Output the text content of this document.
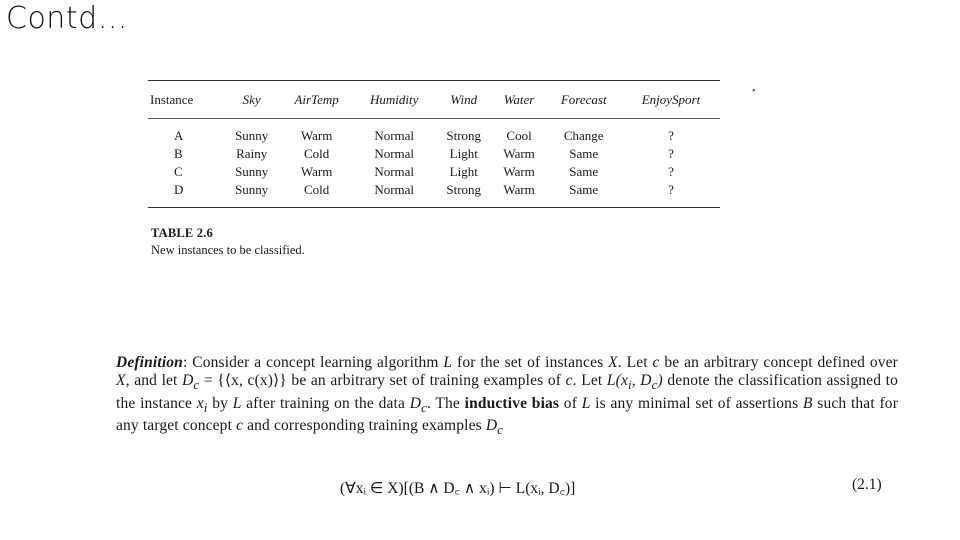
Contd…
•
Instance	Sky	AirTemp	Humidity	Wind	Water	Forecast	EnjoySport

A	Sunny	Warm	Normal	Strong	Cool	Change	?
B	Rainy	Cold	Normal	Light	Warm	Same	?
C	Sunny	Warm	Normal	Light	Warm	Same	?
D	Sunny	Cold	Normal	Strong	Warm	Same	?
TABLE 2.6
New instances to be classified.
Definition: Consider a concept learning algorithm L for the set of instances X. Let c be an arbitrary concept defined over X, and let $D_c$ = {⟨x, c(x)⟩} be an arbitrary set of training examples of c. Let $L(x_i$, $D_c$) denote the classification assigned to the instance $x_i$ by L after training on the data $D_c$. The inductive bias of L is any minimal set of assertions B such that for any target concept c and corresponding training examples $D_c$
(∀xᵢ ∈ X)[(B ∧ D꜀ ∧ xᵢ) ⊢ L(xᵢ, D꜀)]	(2.1)
